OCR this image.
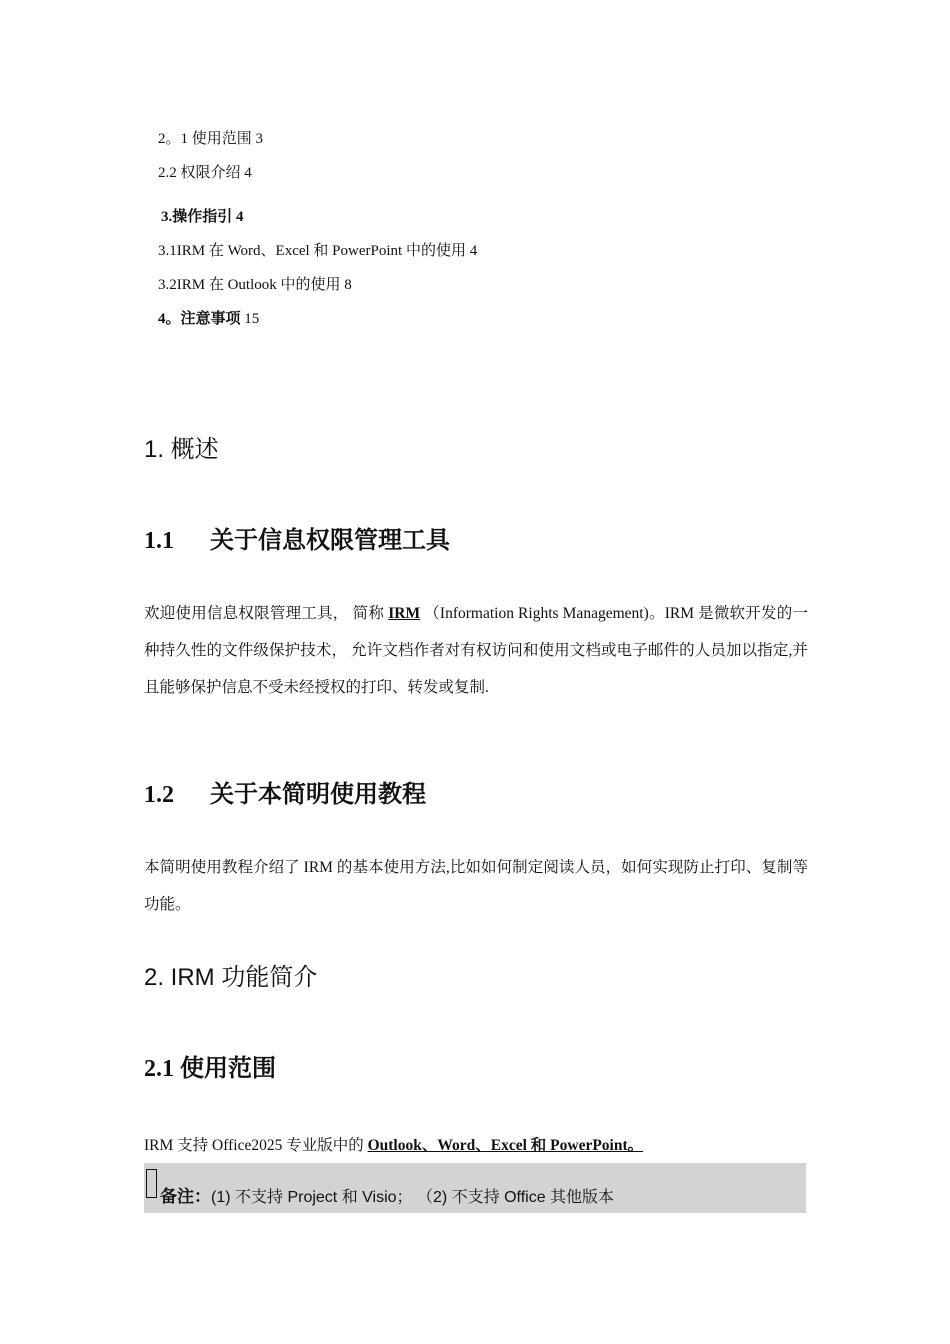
2。1 使用范围 3
2.2 权限介绍 4
3.操作指引 4
3.1IRM 在 Word、Excel 和 PowerPoint 中的使用 4
3.2IRM 在 Outlook 中的使用 8
4。注意事项 15
1. 概述
1.1 关于信息权限管理工具
欢迎使用信息权限管理工具， 简称 IRM （Information Rights Management)。IRM 是微软开发的一种持久性的文件级保护技术， 允许文档作者对有权访问和使用文档或电子邮件的人员加以指定,并且能够保护信息不受未经授权的打印、转发或复制.
1.2 关于本简明使用教程
本简明使用教程介绍了 IRM 的基本使用方法,比如如何制定阅读人员，如何实现防止打印、复制等功能。
2. IRM 功能简介
2.1 使用范围
IRM 支持 Office2025 专业版中的 Outlook、Word、Excel 和 PowerPoint。
备注：(1) 不支持 Project 和 Visio； （2) 不支持 Office 其他版本
